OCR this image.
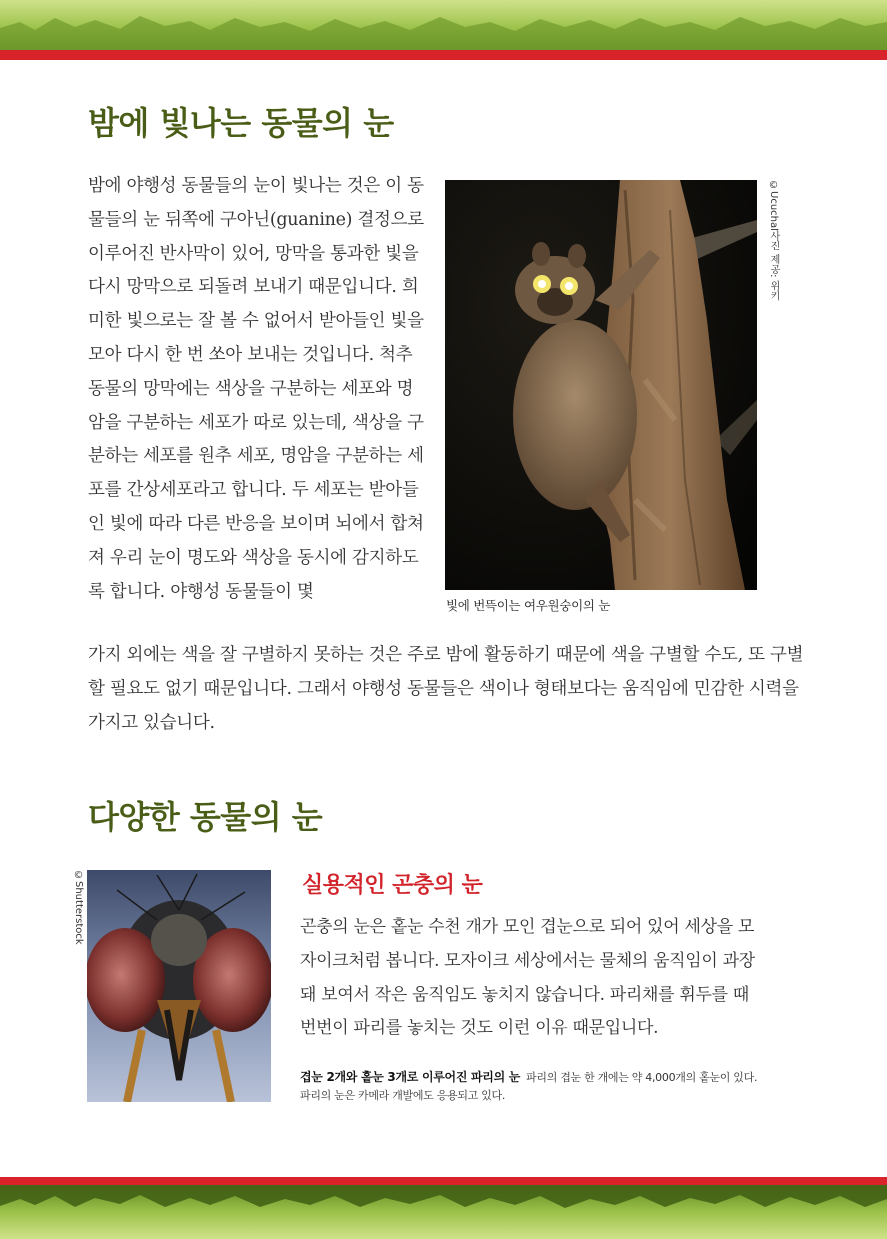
밤에 빛나는 동물의 눈
밤에 야행성 동물들의 눈이 빛나는 것은 이 동물들의 눈 뒤쪽에 구아닌(guanine) 결정으로 이루어진 반사막이 있어, 망막을 통과한 빛을 다시 망막으로 되돌려 보내기 때문입니다. 희미한 빛으로는 잘 볼 수 없어서 받아들인 빛을 모아 다시 한 번 쏘아 보내는 것입니다. 척추동물의 망막에는 색상을 구분하는 세포와 명암을 구분하는 세포가 따로 있는데, 색상을 구분하는 세포를 원추 세포, 명암을 구분하는 세포를 간상세포라고 합니다. 두 세포는 받아들인 빛에 따라 다른 반응을 보이며 뇌에서 합쳐져 우리 눈이 명도와 색상을 동시에 감지하도록 합니다. 야행성 동물들이 몇
©Ucuchal사진 제공: 위키
빛에 번뜩이는 여우원숭이의 눈
가지 외에는 색을 잘 구별하지 못하는 것은 주로 밤에 활동하기 때문에 색을 구별할 수도, 또 구별할 필요도 없기 때문입니다. 그래서 야행성 동물들은 색이나 형태보다는 움직임에 민감한 시력을 가지고 있습니다.
다양한 동물의 눈
©Shutterstock	실용적인 곤충의 눈
곤충의 눈은 홑눈 수천 개가 모인 겹눈으로 되어 있어 세상을 모자이크처럼 봅니다. 모자이크 세상에서는 물체의 움직임이 과장돼 보여서 작은 움직임도 놓치지 않습니다. 파리채를 휘두를 때 번번이 파리를 놓치는 것도 이런 이유 때문입니다.
겹눈 2개와 홑눈 3개로 이루어진 파리의 눈 파리의 겹눈 한 개에는 약 4,000개의 홑눈이 있다. 파리의 눈은 카메라 개발에도 응용되고 있다.
